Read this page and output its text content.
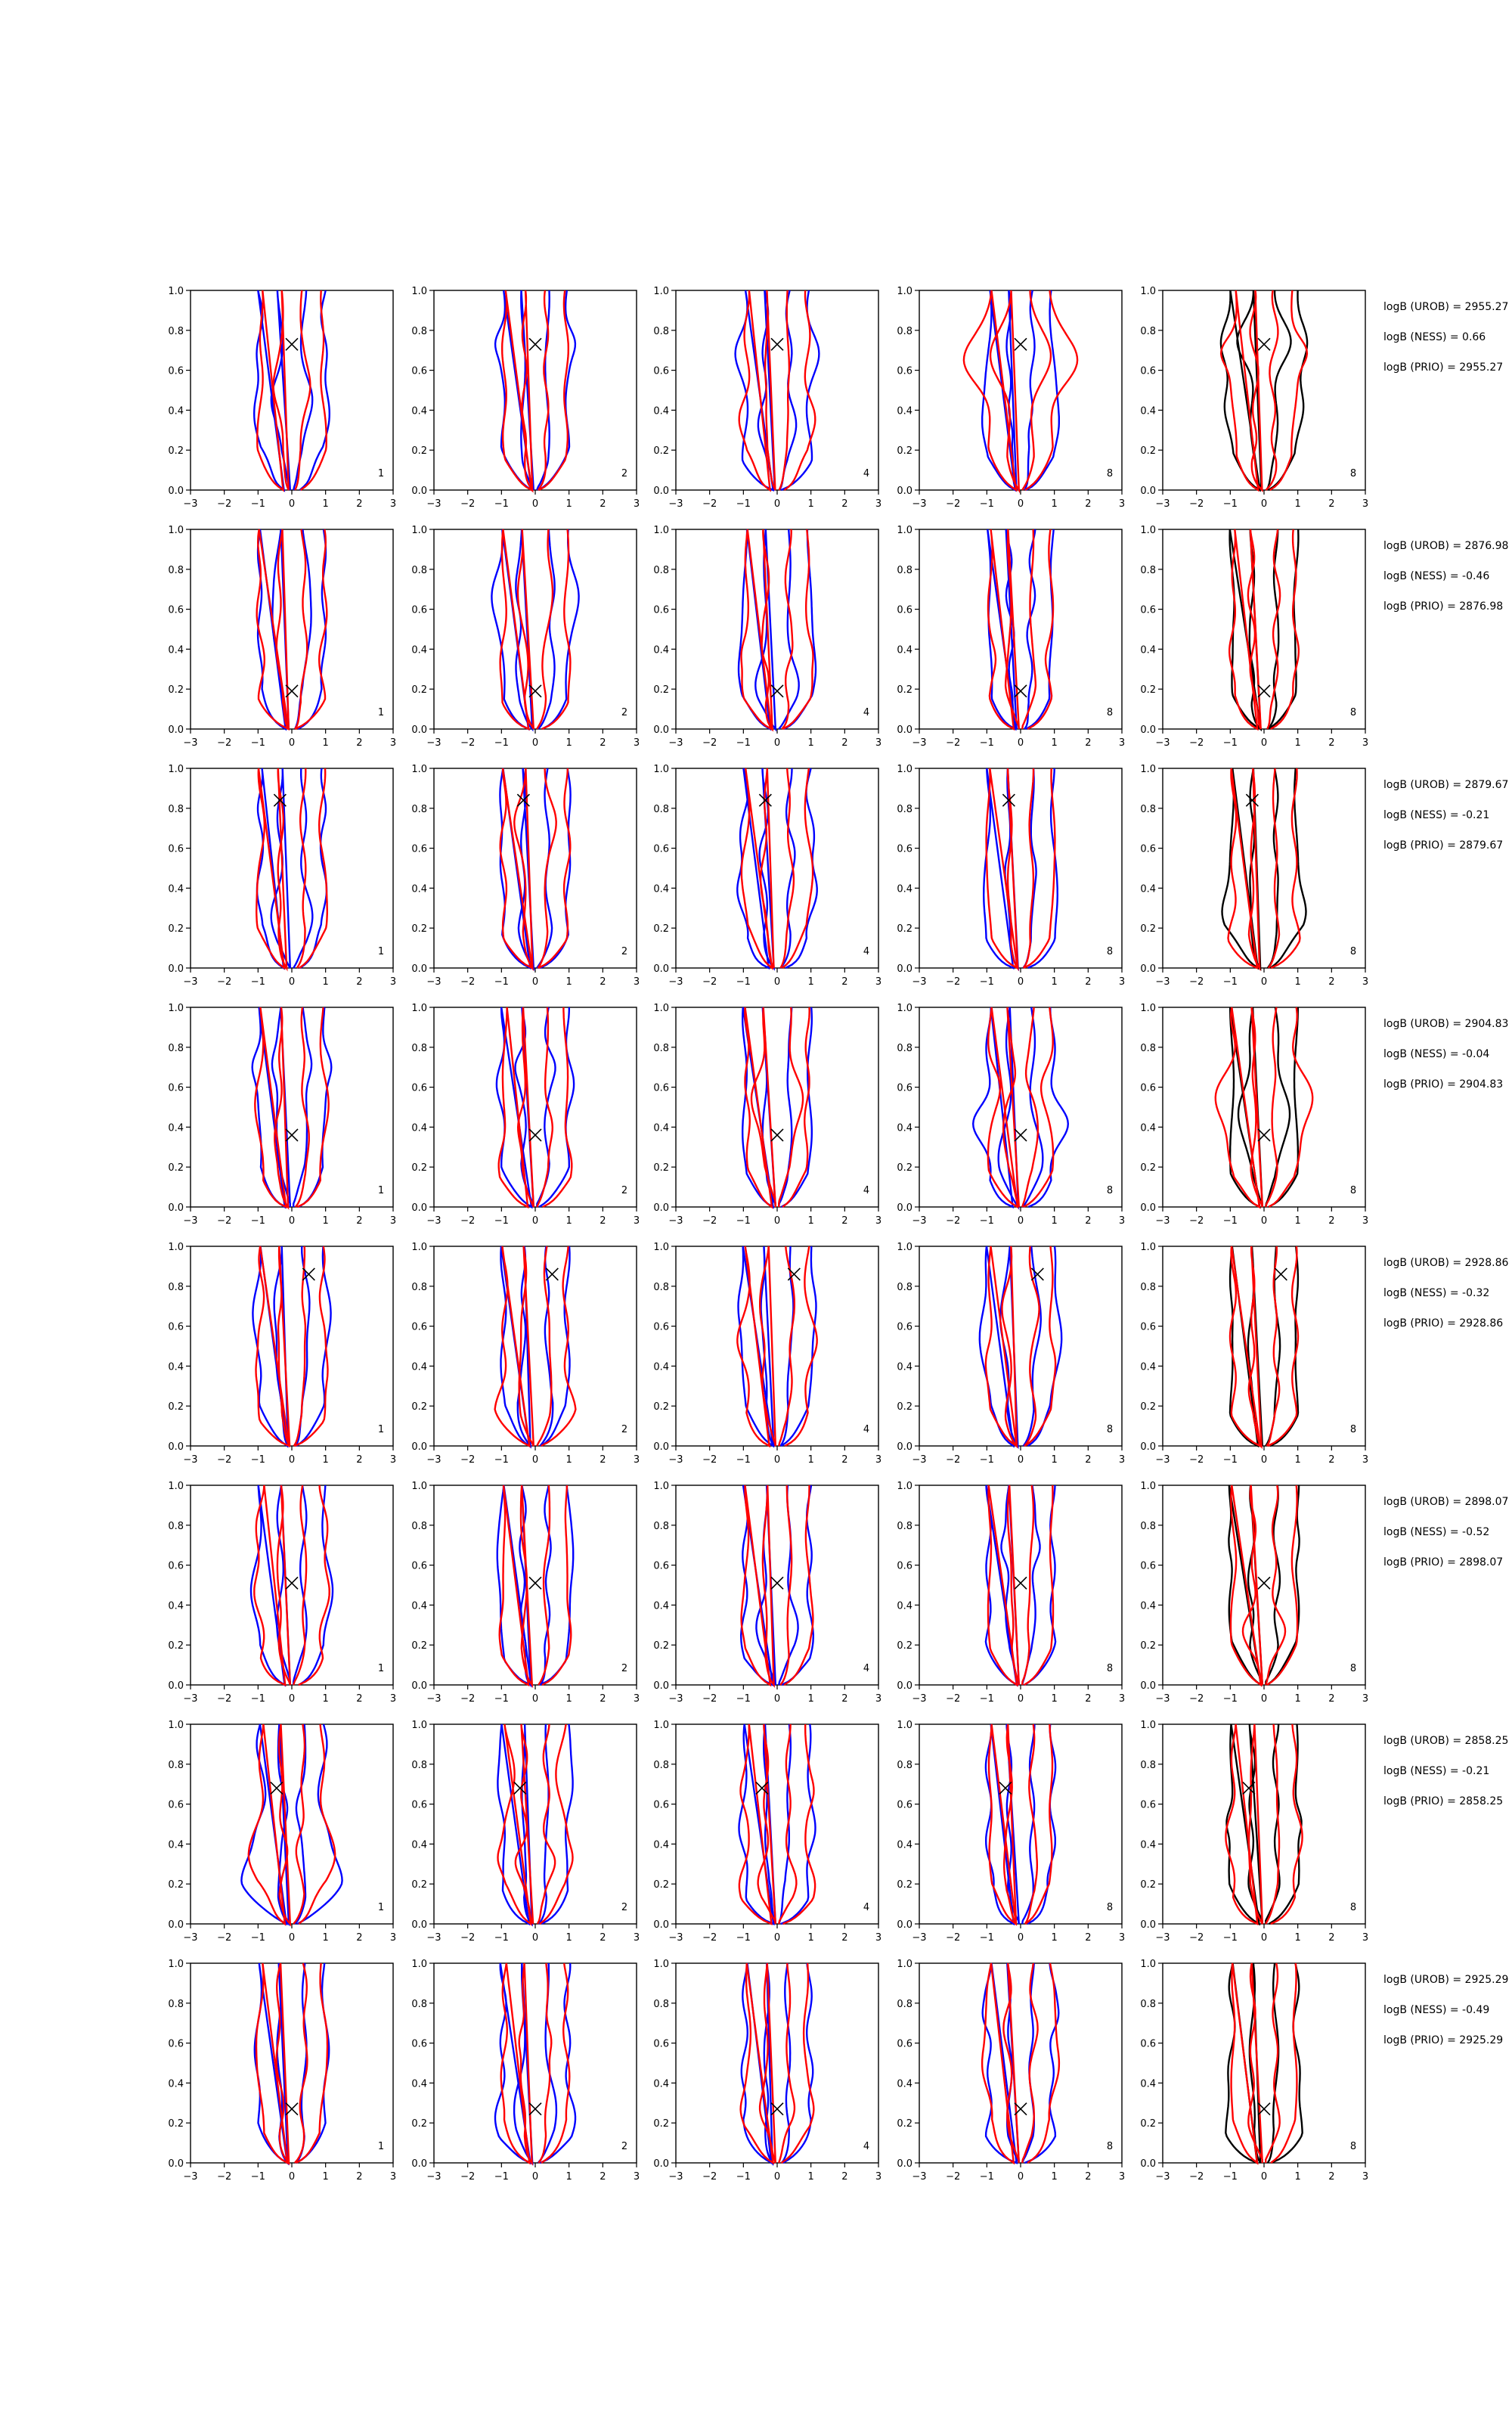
−3 −2 −1 0	1	2	3
0.0
0.2
0.4
0.6
0.8
1.0
1
−3 −2 −1 0	1	2	3
0.0
0.2
0.4
0.6
0.8
1.0
2
−3 −2 −1 0	1	2	3
0.0
0.2
0.4
0.6
0.8
1.0
4
−3 −2 −1 0	1	2	3
0.0
0.2
0.4
0.6
0.8
1.0
8
−3 −2 −1 0	1	2	3
0.0
0.2
0.4
0.6
0.8
1.0
8
logB (UROB) = 2955.27
logB (NESS) = 0.66
logB (PRIO) = 2955.27
−3 −2 −1 0	1	2	3
0.0
0.2
0.4
0.6
0.8
1.0
1
−3 −2 −1 0	1	2	3
0.0
0.2
0.4
0.6
0.8
1.0
2
−3 −2 −1 0	1	2	3
0.0
0.2
0.4
0.6
0.8
1.0
4
−3 −2 −1 0	1	2	3
0.0
0.2
0.4
0.6
0.8
1.0
8
−3 −2 −1 0	1	2	3
0.0
0.2
0.4
0.6
0.8
1.0
8
logB (UROB) = 2876.98
logB (NESS) = -0.46
logB (PRIO) = 2876.98
−3 −2 −1 0	1	2	3
0.0
0.2
0.4
0.6
0.8
1.0
1
−3 −2 −1 0	1	2	3
0.0
0.2
0.4
0.6
0.8
1.0
2
−3 −2 −1 0	1	2	3
0.0
0.2
0.4
0.6
0.8
1.0
4
−3 −2 −1 0	1	2	3
0.0
0.2
0.4
0.6
0.8
1.0
8
−3 −2 −1 0	1	2	3
0.0
0.2
0.4
0.6
0.8
1.0
8
logB (UROB) = 2879.67
logB (NESS) = -0.21
logB (PRIO) = 2879.67
−3 −2 −1 0	1	2	3
0.0
0.2
0.4
0.6
0.8
1.0
1
−3 −2 −1 0	1	2	3
0.0
0.2
0.4
0.6
0.8
1.0
2
−3 −2 −1 0	1	2	3
0.0
0.2
0.4
0.6
0.8
1.0
4
−3 −2 −1 0	1	2	3
0.0
0.2
0.4
0.6
0.8
1.0
8
−3 −2 −1 0	1	2	3
0.0
0.2
0.4
0.6
0.8
1.0
8
logB (UROB) = 2904.83
logB (NESS) = -0.04
logB (PRIO) = 2904.83
−3 −2 −1 0	1	2	3
0.0
0.2
0.4
0.6
0.8
1.0
1
−3 −2 −1 0	1	2	3
0.0
0.2
0.4
0.6
0.8
1.0
2
−3 −2 −1 0	1	2	3
0.0
0.2
0.4
0.6
0.8
1.0
4
−3 −2 −1 0	1	2	3
0.0
0.2
0.4
0.6
0.8
1.0
8
−3 −2 −1 0	1	2	3
0.0
0.2
0.4
0.6
0.8
1.0
8
logB (UROB) = 2928.86
logB (NESS) = -0.32
logB (PRIO) = 2928.86
−3 −2 −1 0	1	2	3
0.0
0.2
0.4
0.6
0.8
1.0
1
−3 −2 −1 0	1	2	3
0.0
0.2
0.4
0.6
0.8
1.0
2
−3 −2 −1 0	1	2	3
0.0
0.2
0.4
0.6
0.8
1.0
4
−3 −2 −1 0	1	2	3
0.0
0.2
0.4
0.6
0.8
1.0
8
−3 −2 −1 0	1	2	3
0.0
0.2
0.4
0.6
0.8
1.0
8
logB (UROB) = 2898.07
logB (NESS) = -0.52
logB (PRIO) = 2898.07
−3 −2 −1 0	1	2	3
0.0
0.2
0.4
0.6
0.8
1.0
1
−3 −2 −1 0	1	2	3
0.0
0.2
0.4
0.6
0.8
1.0
2
−3 −2 −1 0	1	2	3
0.0
0.2
0.4
0.6
0.8
1.0
4
−3 −2 −1 0	1	2	3
0.0
0.2
0.4
0.6
0.8
1.0
8
−3 −2 −1 0	1	2	3
0.0
0.2
0.4
0.6
0.8
1.0
8
logB (UROB) = 2858.25
logB (NESS) = -0.21
logB (PRIO) = 2858.25
−3 −2 −1 0	1	2	3
0.0
0.2
0.4
0.6
0.8
1.0
1
−3 −2 −1 0	1	2	3
0.0
0.2
0.4
0.6
0.8
1.0
2
−3 −2 −1 0	1	2	3
0.0
0.2
0.4
0.6
0.8
1.0
4
−3 −2 −1 0	1	2	3
0.0
0.2
0.4
0.6
0.8
1.0
8
−3 −2 −1 0	1	2	3
0.0
0.2
0.4
0.6
0.8
1.0
8
logB (UROB) = 2925.29
logB (NESS) = -0.49
logB (PRIO) = 2925.29
